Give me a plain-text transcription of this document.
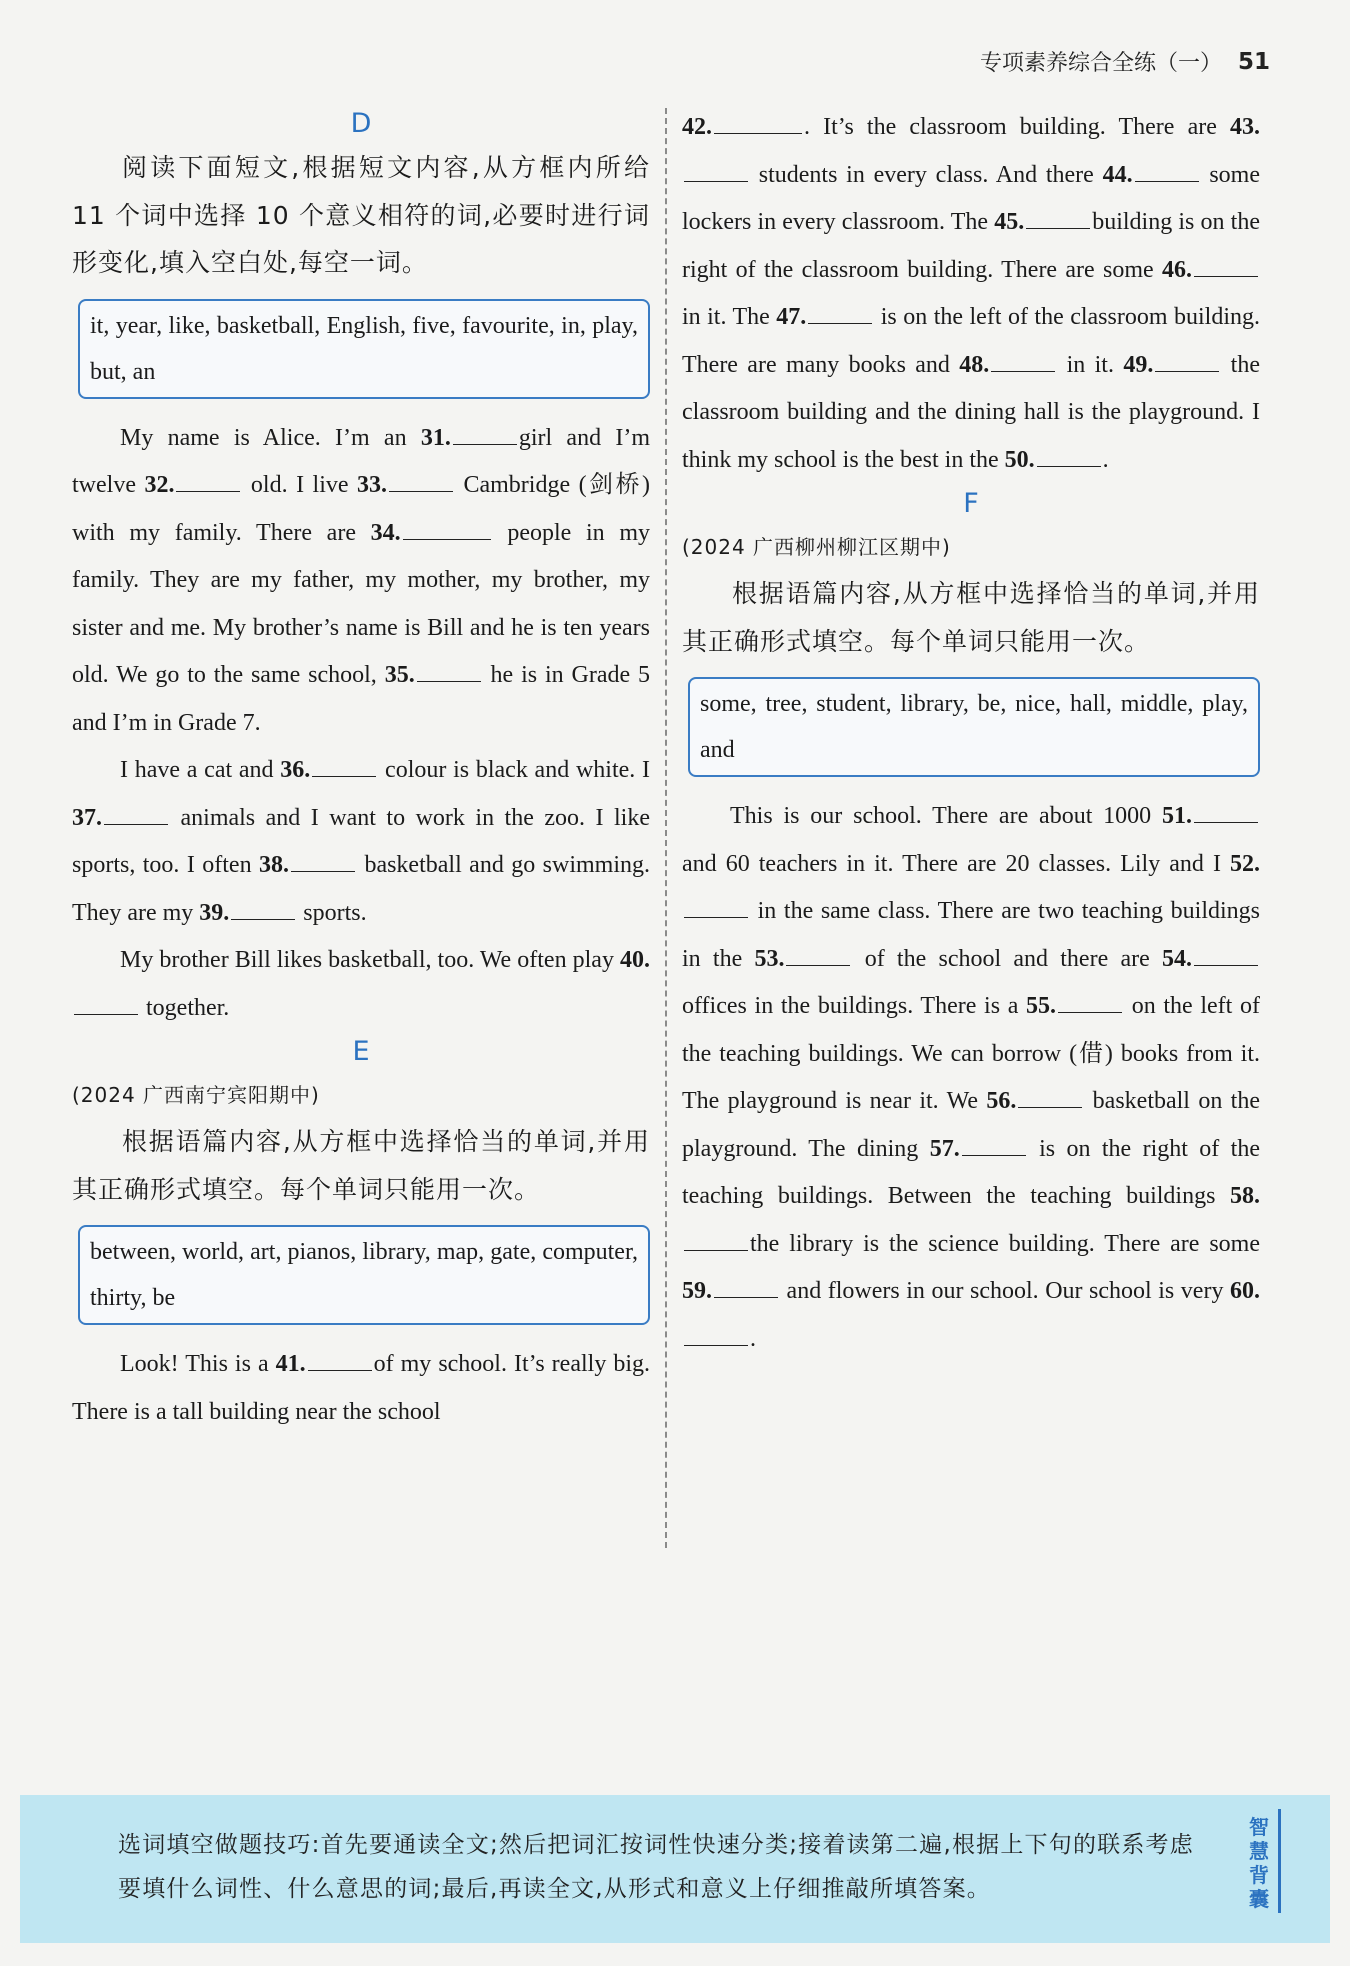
专项素养综合全练（一） 51
D

阅读下面短文,根据短文内容,从方框内所给 11 个词中选择 10 个意义相符的词,必要时进行词形变化,填入空白处,每空一词。

it, year, like, basketball, English, five, favourite, in, play, but, an

My name is Alice. I’m an 31.	girl and I’m twelve 32.	old. I live 33.	Cambridge (剑桥) with my family. There are 34.	people in my family. They are my father, my mother, my brother, my sister and me. My brother’s name is Bill and he is ten years old. We go to the same school, 35.	he is in Grade 5 and I’m in Grade 7.

I have a cat and 36.	colour is black and white. I 37.	animals and I want to work in the zoo. I like sports, too. I often 38.	basketball and go swimming. They are my 39.	sports.

My brother Bill likes basketball, too. We often play 40. together.

E
(2024 广西南宁宾阳期中)

根据语篇内容,从方框中选择恰当的单词,并用其正确形式填空。每个单词只能用一次。

between, world, art, pianos, library, map, gate, computer, thirty, be

Look! This is a 41.	of my school. It’s really big. There is a tall building near the school

42.	. It’s the classroom building. There are 43. students in every class. And there 44.	some lockers in every classroom. The 45.	building is on the right of the classroom building. There are some 46. in it. The 47.	is on the left of the classroom building. There are many books and 48.	in it. 49.	the classroom building and the dining hall is the playground. I think my school is the best in the 50.	.

F
(2024 广西柳州柳江区期中)

根据语篇内容,从方框中选择恰当的单词,并用其正确形式填空。每个单词只能用一次。

some, tree, student, library, be, nice, hall, middle, play, and

This is our school. There are about 1000 51. and 60 teachers in it. There are 20 classes. Lily and I 52. in the same class. There are two teaching buildings in the 53.	of the school and there are 54. offices in the buildings. There is a 55.	on the left of the teaching buildings. We can borrow (借) books from it. The playground is near it. We 56.	basketball on the playground. The dining 57.	is on the right of the teaching buildings. Between the teaching buildings 58.the library is the science building. There are some 59.	and flowers in our school. Our school is very 60..

选词填空做题技巧:首先要通读全文;然后把词汇按词性快速分类;接着读第二遍,根据上下句的联系考虑要填什么词性、什么意思的词;最后,再读全文,从形式和意义上仔细推敲所填答案。
智慧背囊
